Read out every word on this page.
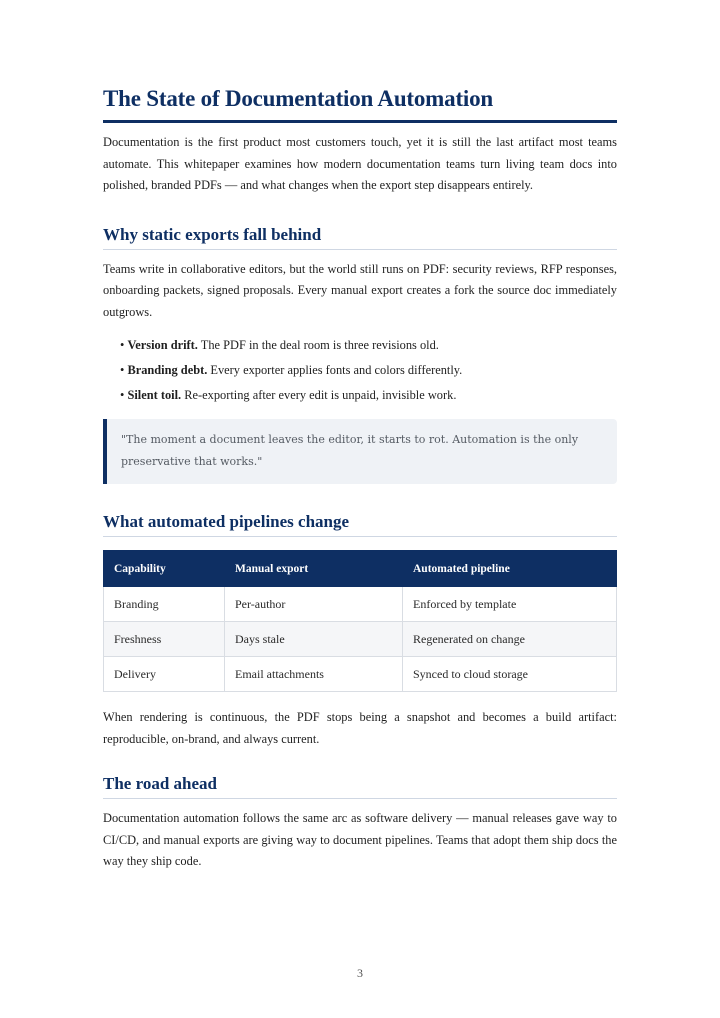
The State of Documentation Automation

Documentation is the first product most customers touch, yet it is still the last artifact most teams automate. This whitepaper examines how modern documentation teams turn living team docs into polished, branded PDFs — and what changes when the export step disappears entirely.

Why static exports fall behind

Teams write in collaborative editors, but the world still runs on PDF: security reviews, RFP responses, onboarding packets, signed proposals. Every manual export creates a fork the source doc immediately outgrows.

• Version drift. The PDF in the deal room is three revisions old.
• Branding debt. Every exporter applies fonts and colors differently.
• Silent toil. Re-exporting after every edit is unpaid, invisible work.
"The moment a document leaves the editor, it starts to rot. Automation is the only preservative that works."
What automated pipelines change
Capability	Manual export	Automated pipeline
Branding	Per-author	Enforced by template
Freshness	Days stale	Regenerated on change
Delivery	Email attachments	Synced to cloud storage

When rendering is continuous, the PDF stops being a snapshot and becomes a build artifact: reproducible, on-brand, and always current.

The road ahead

Documentation automation follows the same arc as software delivery — manual releases gave way to CI/CD, and manual exports are giving way to document pipelines. Teams that adopt them ship docs the way they ship code.

3
